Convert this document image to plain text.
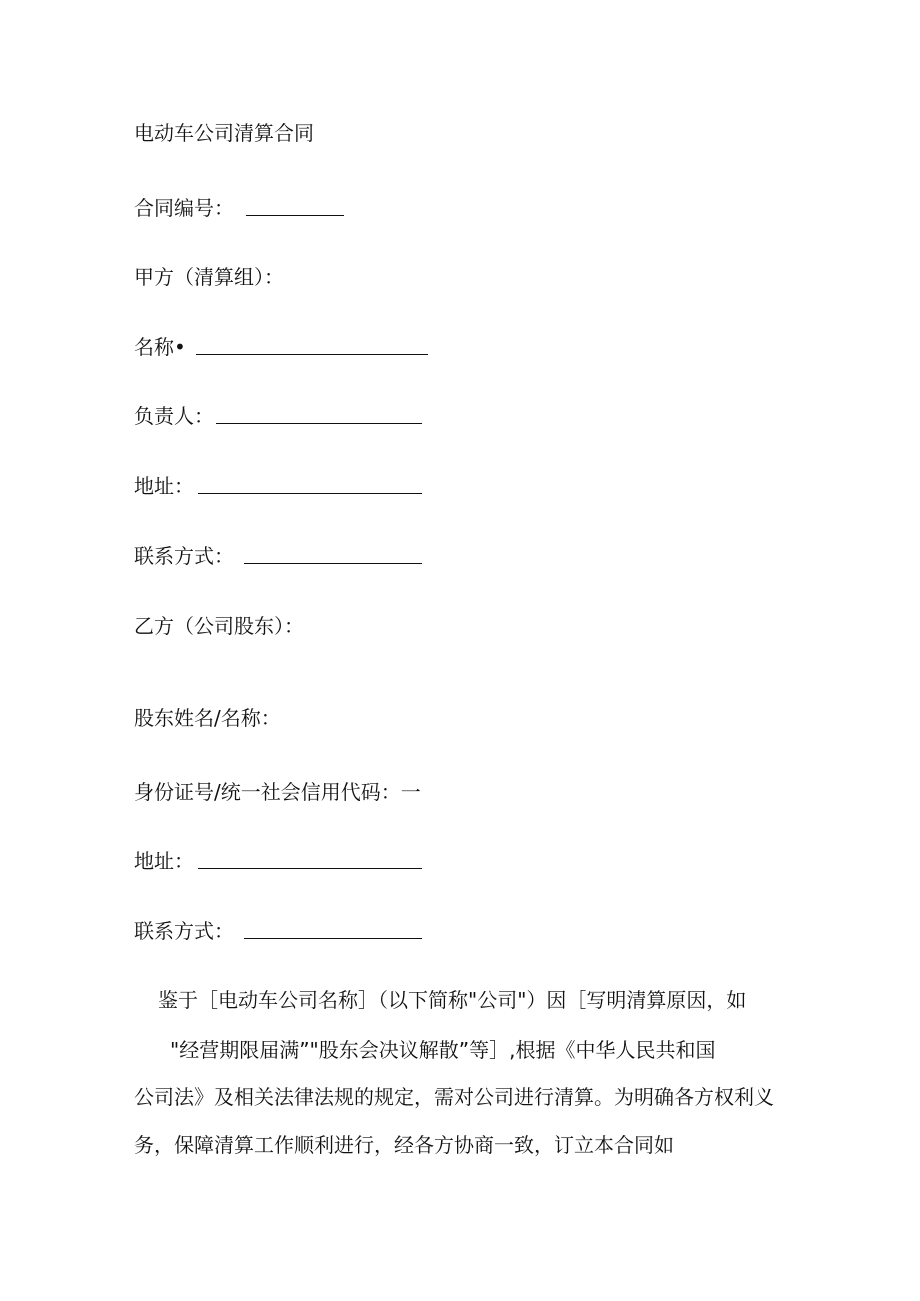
电动车公司清算合同
合同编号：
甲方（清算组）：
名称•
负责人：
地址：
联系方式：
乙方（公司股东）：
股东姓名/名称：
身份证号/统一社会信用代码：一
地址：
联系方式：
鉴于［电动车公司名称］（以下简称"公司"）因［写明清算原因，如
"经营期限届满”"股东会决议解散”等］,根据《中华人民共和国
公司法》及相关法律法规的规定，需对公司进行清算。为明确各方权利义
务，保障清算工作顺利进行，经各方协商一致，订立本合同如
